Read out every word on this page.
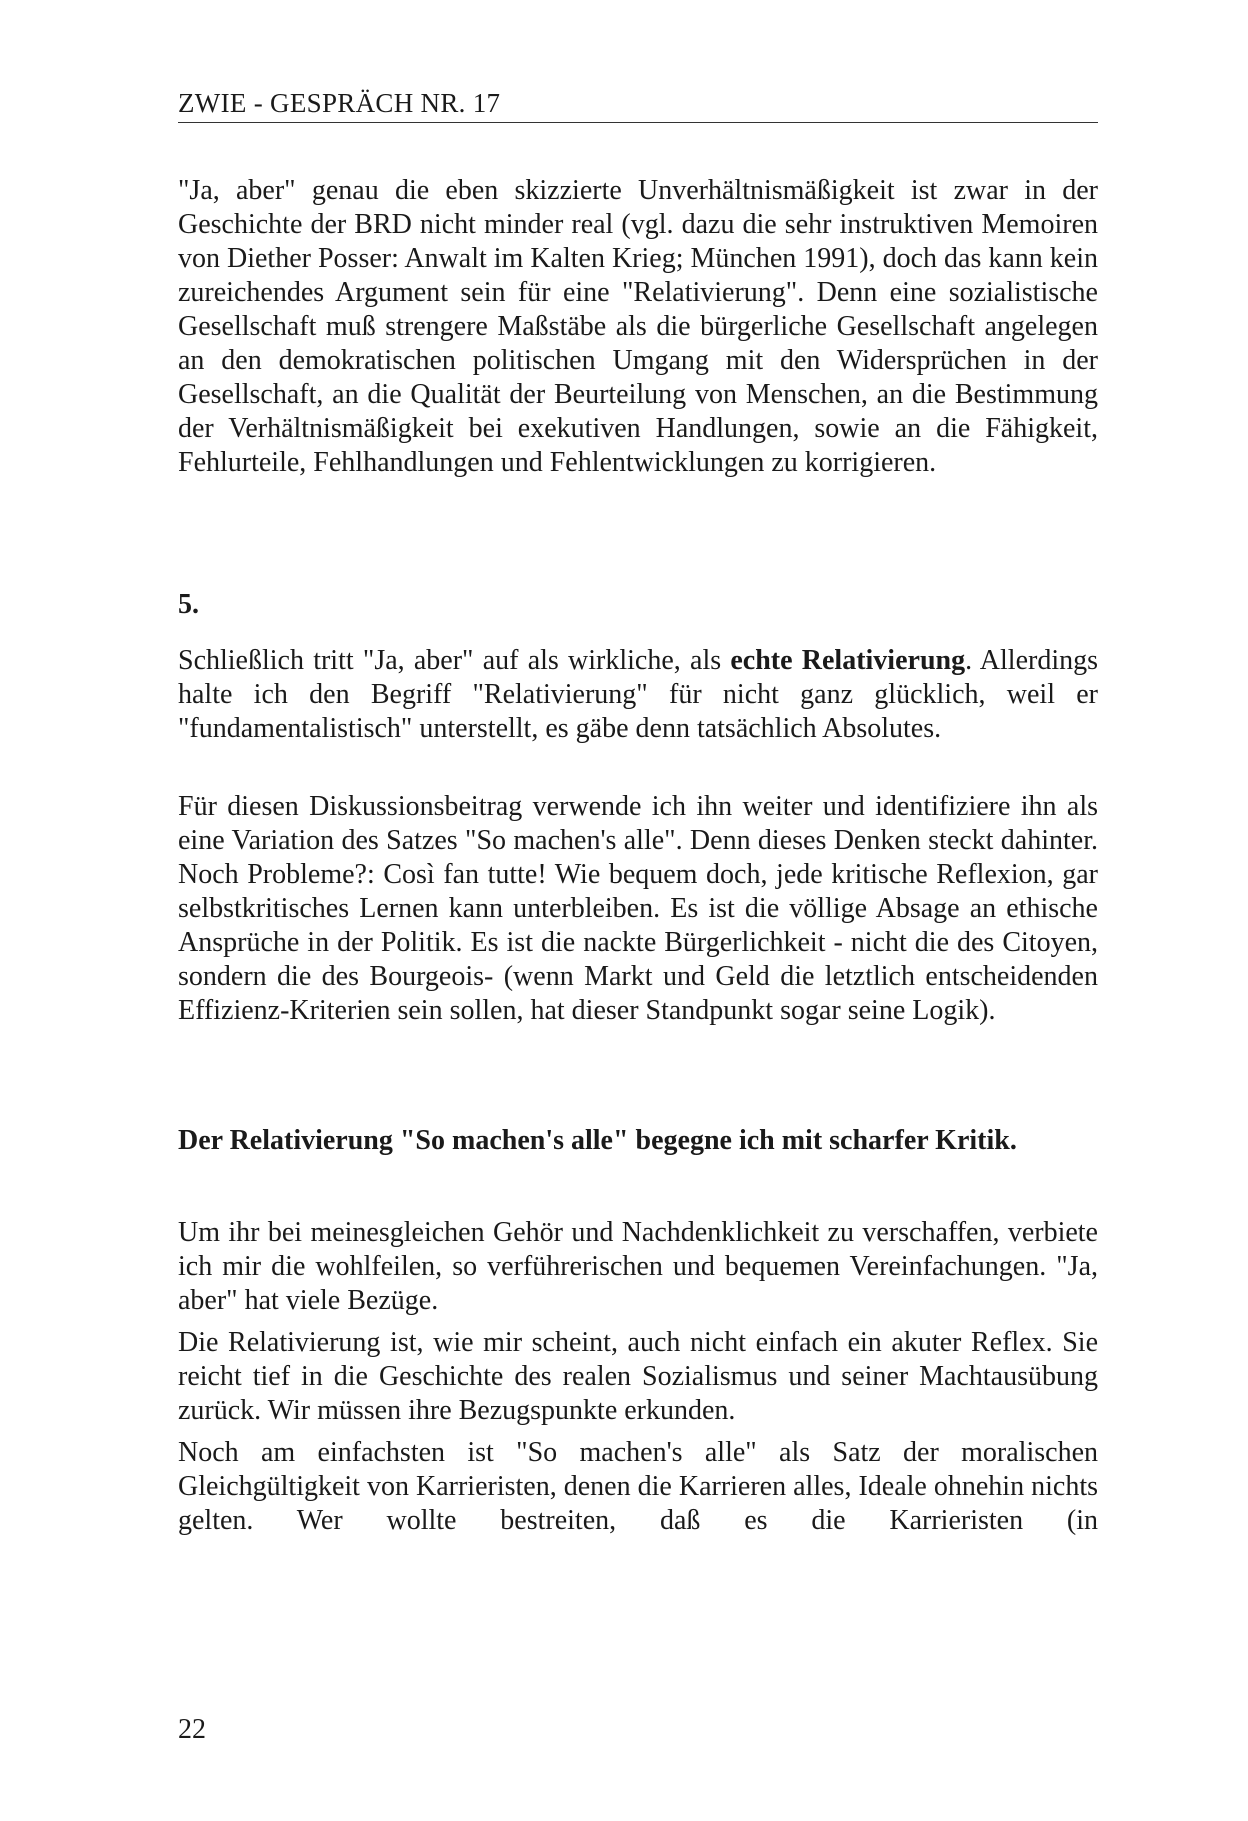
ZWIE - GESPRÄCH NR. 17

"Ja, aber" genau die eben skizzierte Unverhältnismäßigkeit ist zwar in der Geschichte der BRD nicht minder real (vgl. dazu die sehr instruktiven Memoiren von Diether Posser: Anwalt im Kalten Krieg; München 1991), doch das kann kein zureichendes Argument sein für eine "Relativierung". Denn eine sozialistische Gesellschaft muß strengere Maßstäbe als die bürgerliche Gesellschaft angelegen an den demokratischen politischen Umgang mit den Widersprüchen in der Gesellschaft, an die Qualität der Beurteilung von Menschen, an die Bestimmung der Verhältnismäßigkeit bei exekutiven Handlungen, sowie an die Fähigkeit, Fehlurteile, Fehlhandlungen und Fehlentwicklungen zu korrigieren.

5.

Schließlich tritt "Ja, aber" auf als wirkliche, als echte Relativierung. Allerdings halte ich den Begriff "Relativierung" für nicht ganz glücklich, weil er "fundamentalistisch" unterstellt, es gäbe denn tatsächlich Absolutes.

Für diesen Diskussionsbeitrag verwende ich ihn weiter und identifiziere ihn als eine Variation des Satzes "So machen's alle". Denn dieses Denken steckt dahinter. Noch Probleme?: Così fan tutte! Wie bequem doch, jede kritische Reflexion, gar selbstkritisches Lernen kann unterbleiben. Es ist die völlige Absage an ethische Ansprüche in der Politik. Es ist die nackte Bürgerlichkeit - nicht die des Citoyen, sondern die des Bourgeois- (wenn Markt und Geld die letztlich entscheidenden Effizienz-Kriterien sein sollen, hat dieser Standpunkt sogar seine Logik).

Der Relativierung "So machen's alle" begegne ich mit scharfer Kritik.

Um ihr bei meinesgleichen Gehör und Nachdenklichkeit zu verschaffen, verbiete ich mir die wohlfeilen, so verführerischen und bequemen Vereinfachungen. "Ja, aber" hat viele Bezüge.

Die Relativierung ist, wie mir scheint, auch nicht einfach ein akuter Reflex. Sie reicht tief in die Geschichte des realen Sozialismus und seiner Machtausübung zurück. Wir müssen ihre Bezugspunkte erkunden.

Noch am einfachsten ist "So machen's alle" als Satz der moralischen Gleichgültigkeit von Karrieristen, denen die Karrieren alles, Ideale ohnehin nichts gelten. Wer wollte bestreiten, daß es die Karrieristen (in

22
